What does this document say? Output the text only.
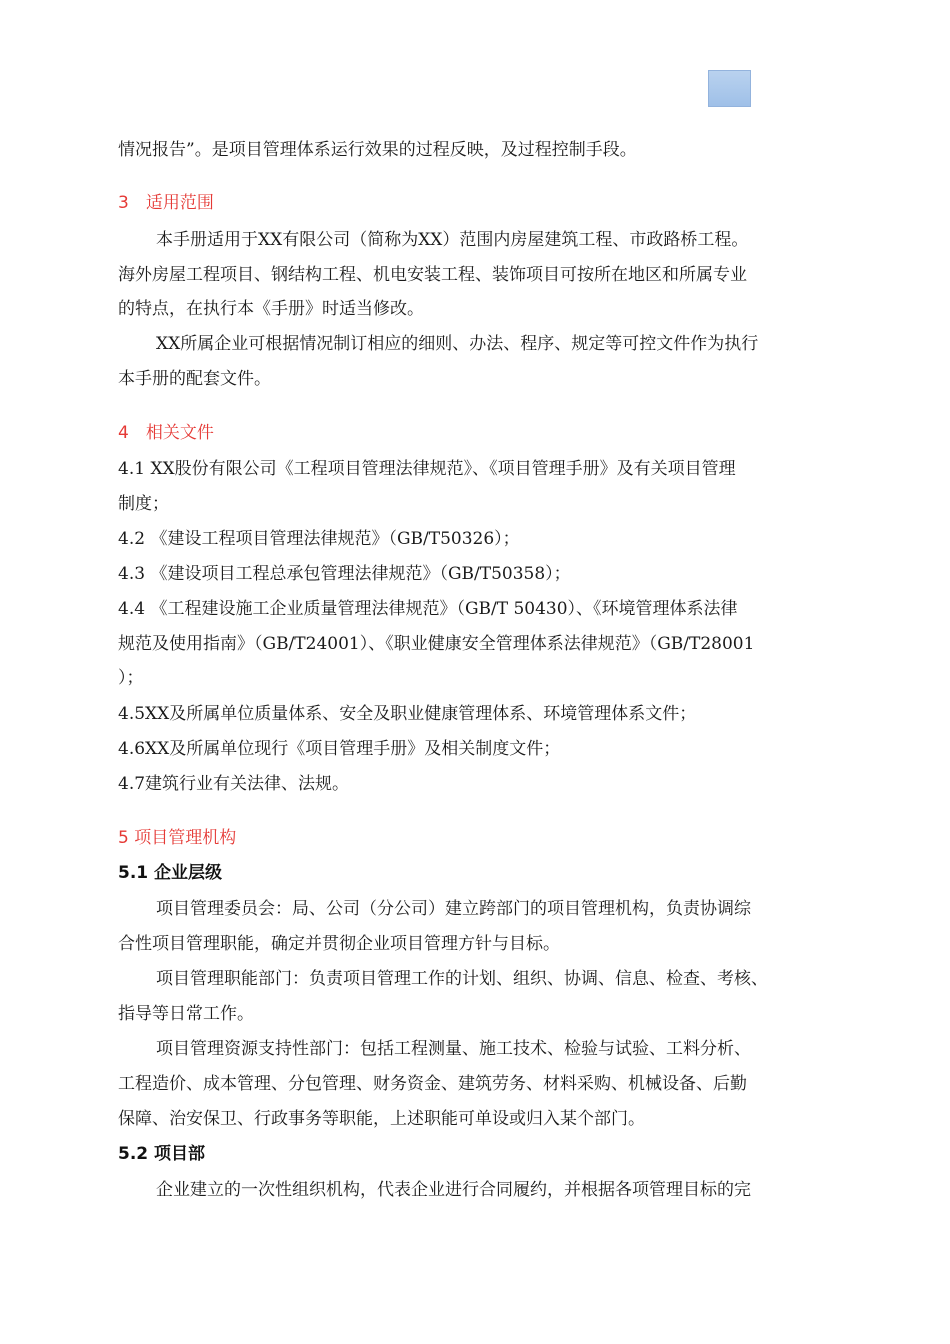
情况报告”。是项目管理体系运行效果的过程反映，及过程控制手段。

3　适用范围

本手册适用于XX有限公司（简称为XX）范围内房屋建筑工程、市政路桥工程。

海外房屋工程项目、钢结构工程、机电安装工程、装饰项目可按所在地区和所属专业

的特点，在执行本《手册》时适当修改。

XX所属企业可根据情况制订相应的细则、办法、程序、规定等可控文件作为执行

本手册的配套文件。

4　相关文件

4.1 XX股份有限公司《工程项目管理法律规范》、《项目管理手册》及有关项目管理

制度；

4.2 《建设工程项目管理法律规范》（GB/T50326）；

4.3 《建设项目工程总承包管理法律规范》（GB/T50358）；

4.4 《工程建设施工企业质量管理法律规范》（GB/T 50430）、《环境管理体系法律

规范及使用指南》（GB/T24001）、《职业健康安全管理体系法律规范》（GB/T28001

）；

4.5XX及所属单位质量体系、安全及职业健康管理体系、环境管理体系文件；

4.6XX及所属单位现行《项目管理手册》及相关制度文件；

4.7建筑行业有关法律、法规。

5 项目管理机构

5.1 企业层级

项目管理委员会：局、公司（分公司）建立跨部门的项目管理机构，负责协调综

合性项目管理职能，确定并贯彻企业项目管理方针与目标。

项目管理职能部门：负责项目管理工作的计划、组织、协调、信息、检查、考核、

指导等日常工作。

项目管理资源支持性部门：包括工程测量、施工技术、检验与试验、工料分析、

工程造价、成本管理、分包管理、财务资金、建筑劳务、材料采购、机械设备、后勤

保障、治安保卫、行政事务等职能，上述职能可单设或归入某个部门。

5.2 项目部

企业建立的一次性组织机构，代表企业进行合同履约，并根据各项管理目标的完
